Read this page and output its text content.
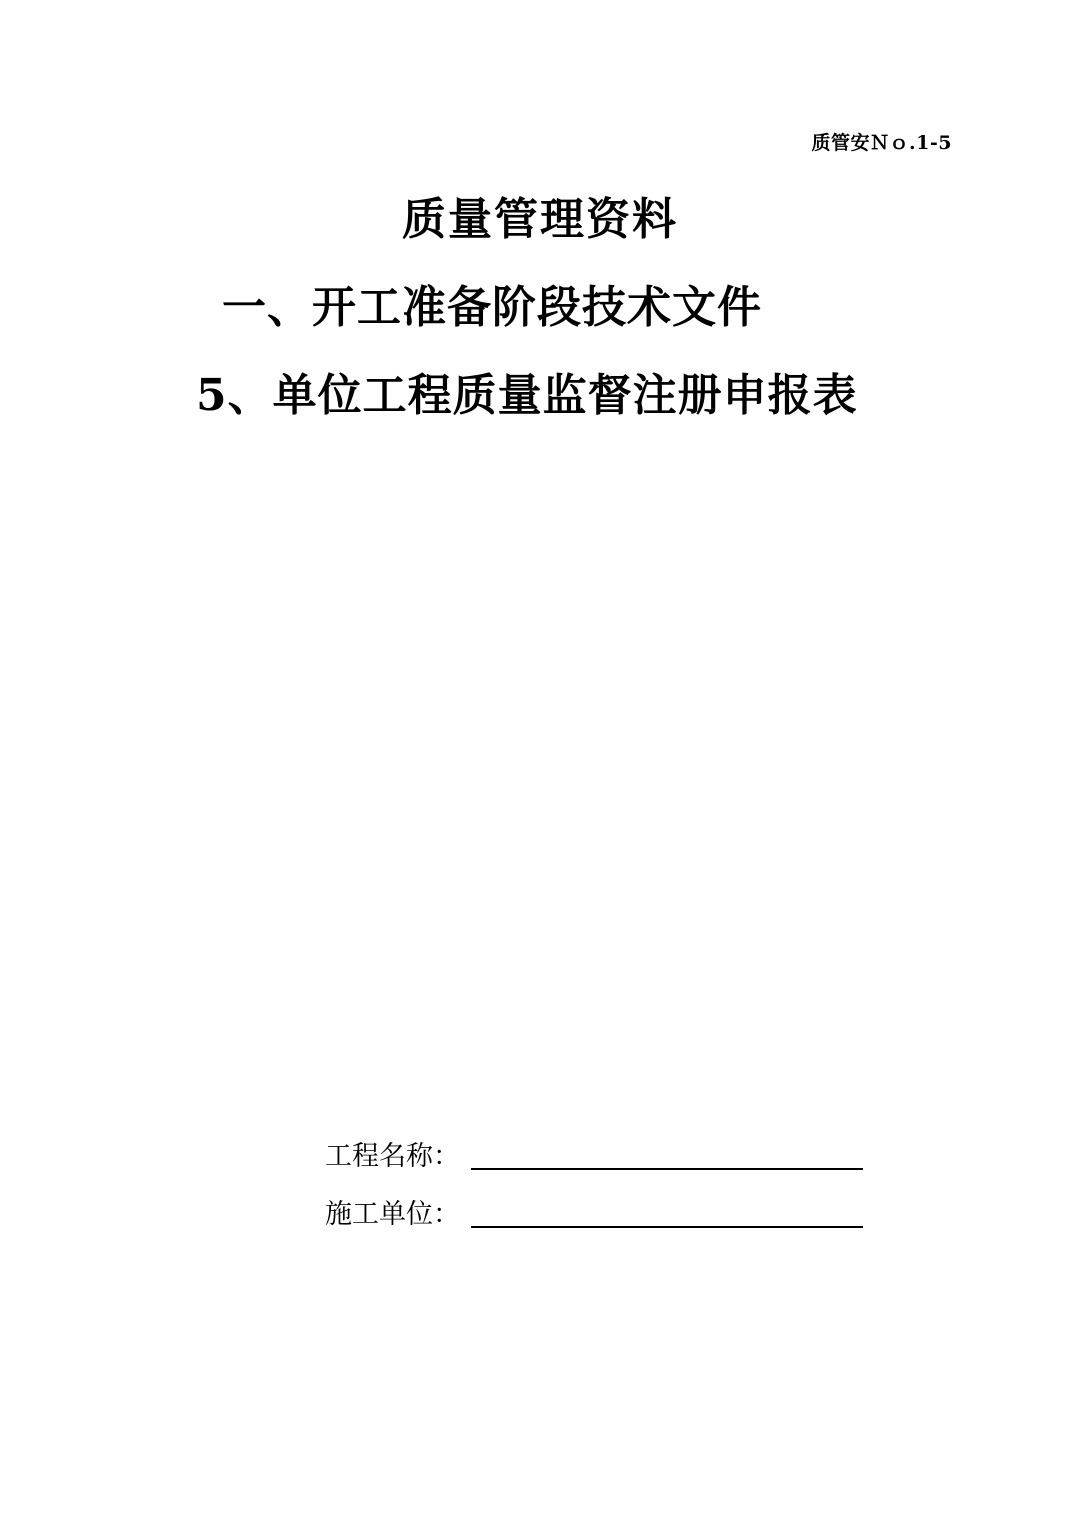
质管安Ｎｏ.1-5
质量管理资料
一、开工准备阶段技术文件
5、单位工程质量监督注册申报表
工程名称：
施工单位：
